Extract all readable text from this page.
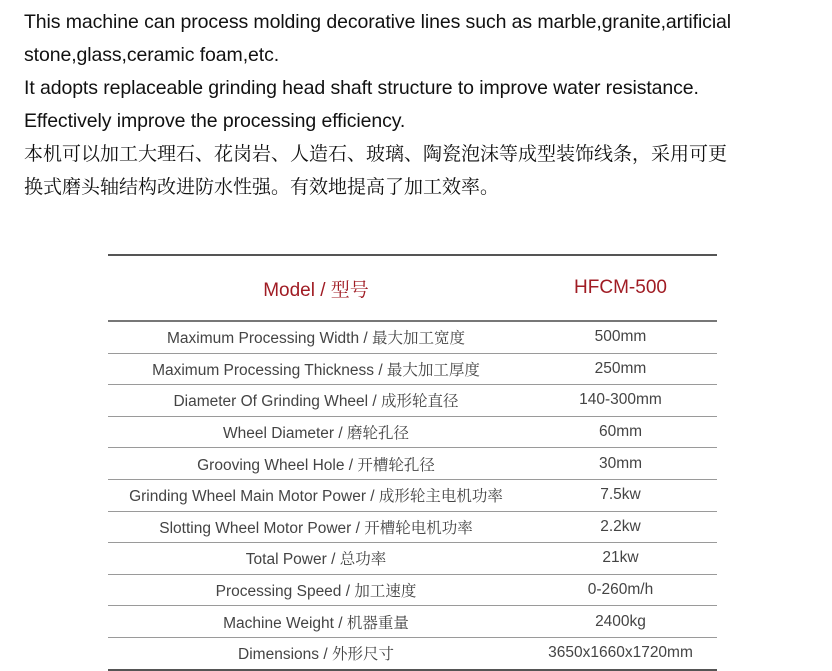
This machine can process molding decorative lines such as marble,granite,artificial
stone,glass,ceramic foam,etc.
It adopts replaceable grinding head shaft structure to improve water resistance.
Effectively improve the processing efficiency.
本机可以加工大理石、花岗岩、人造石、玻璃、陶瓷泡沫等成型装饰线条，采用可更
换式磨头轴结构改进防水性强。有效地提高了加工效率。
Model / 型号	HFCM-500
Maximum Processing Width / 最大加工宽度	500mm
Maximum Processing Thickness / 最大加工厚度	250mm
Diameter Of Grinding Wheel / 成形轮直径	140-300mm
Wheel Diameter / 磨轮孔径	60mm
Grooving Wheel Hole / 开槽轮孔径	30mm
Grinding Wheel Main Motor Power / 成形轮主电机功率	7.5kw
Slotting Wheel Motor Power / 开槽轮电机功率	2.2kw
Total Power / 总功率	21kw
Processing Speed / 加工速度	0-260m/h
Machine Weight / 机器重量	2400kg
Dimensions / 外形尺寸	3650x1660x1720mm
